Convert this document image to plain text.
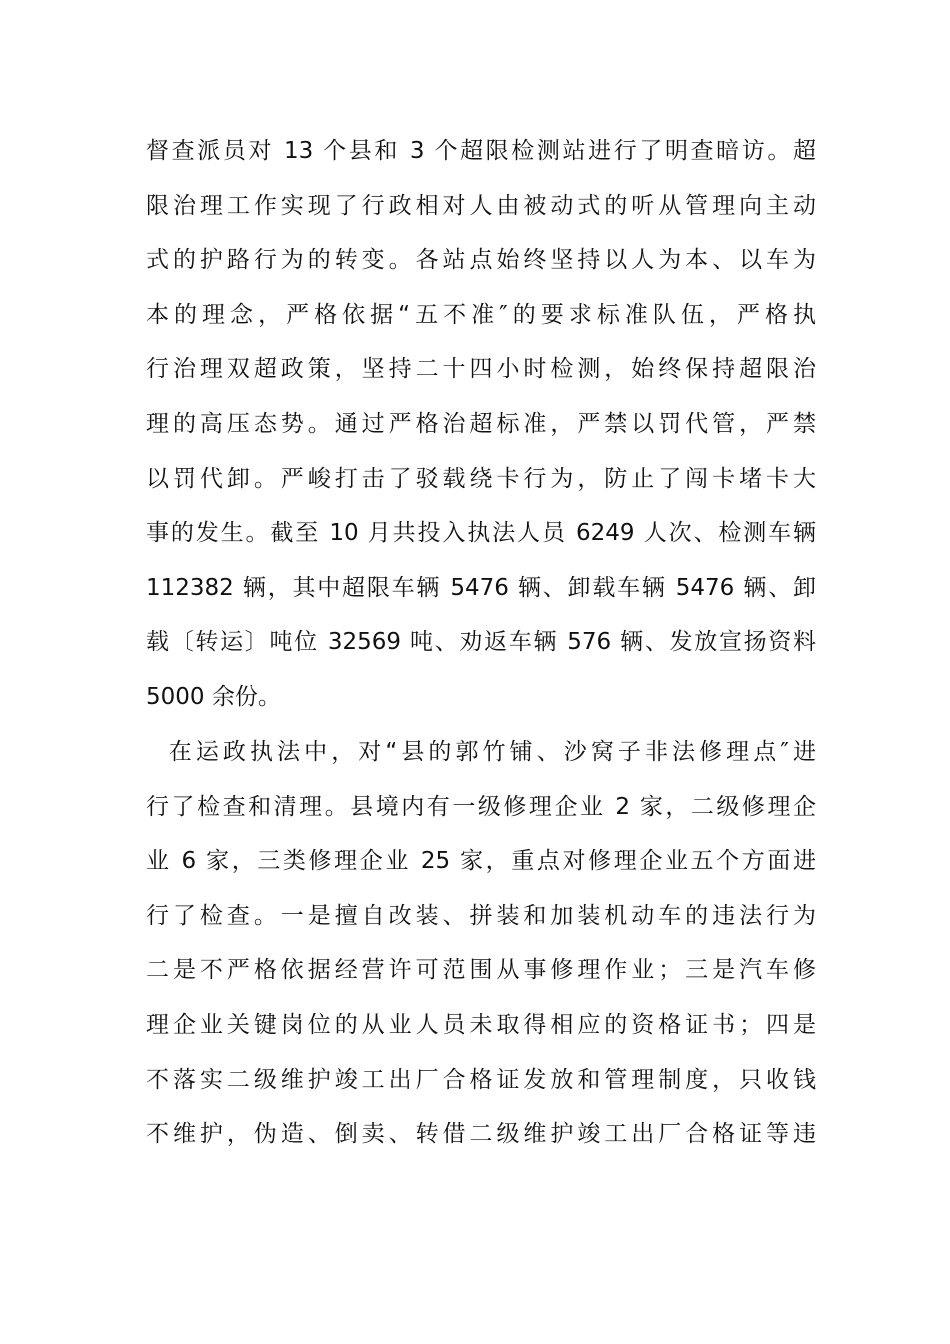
督查派员对 13 个县和 3 个超限检测站进行了明查暗访。超
限治理工作实现了行政相对人由被动式的听从管理向主动
式的护路行为的转变。各站点始终坚持以人为本、以车为
本的理念，严格依据“五不准″的要求标准队伍，严格执
行治理双超政策，坚持二十四小时检测，始终保持超限治
理的高压态势。通过严格治超标准，严禁以罚代管，严禁
以罚代卸。严峻打击了驳载绕卡行为，防止了闯卡堵卡大
事的发生。截至 10 月共投入执法人员 6249 人次、检测车辆
112382 辆，其中超限车辆 5476 辆、卸载车辆 5476 辆、卸
载〔转运〕吨位 32569 吨、劝返车辆 576 辆、发放宣扬资料
5000 余份。
在运政执法中，对“县的郭竹铺、沙窝子非法修理点″进
行了检查和清理。县境内有一级修理企业 2 家，二级修理企
业 6 家，三类修理企业 25 家，重点对修理企业五个方面进
行了检查。一是擅自改装、拼装和加装机动车的违法行为
二是不严格依据经营许可范围从事修理作业；三是汽车修
理企业关键岗位的从业人员未取得相应的资格证书；四是
不落实二级维护竣工出厂合格证发放和管理制度，只收钱
不维护，伪造、倒卖、转借二级维护竣工出厂合格证等违
